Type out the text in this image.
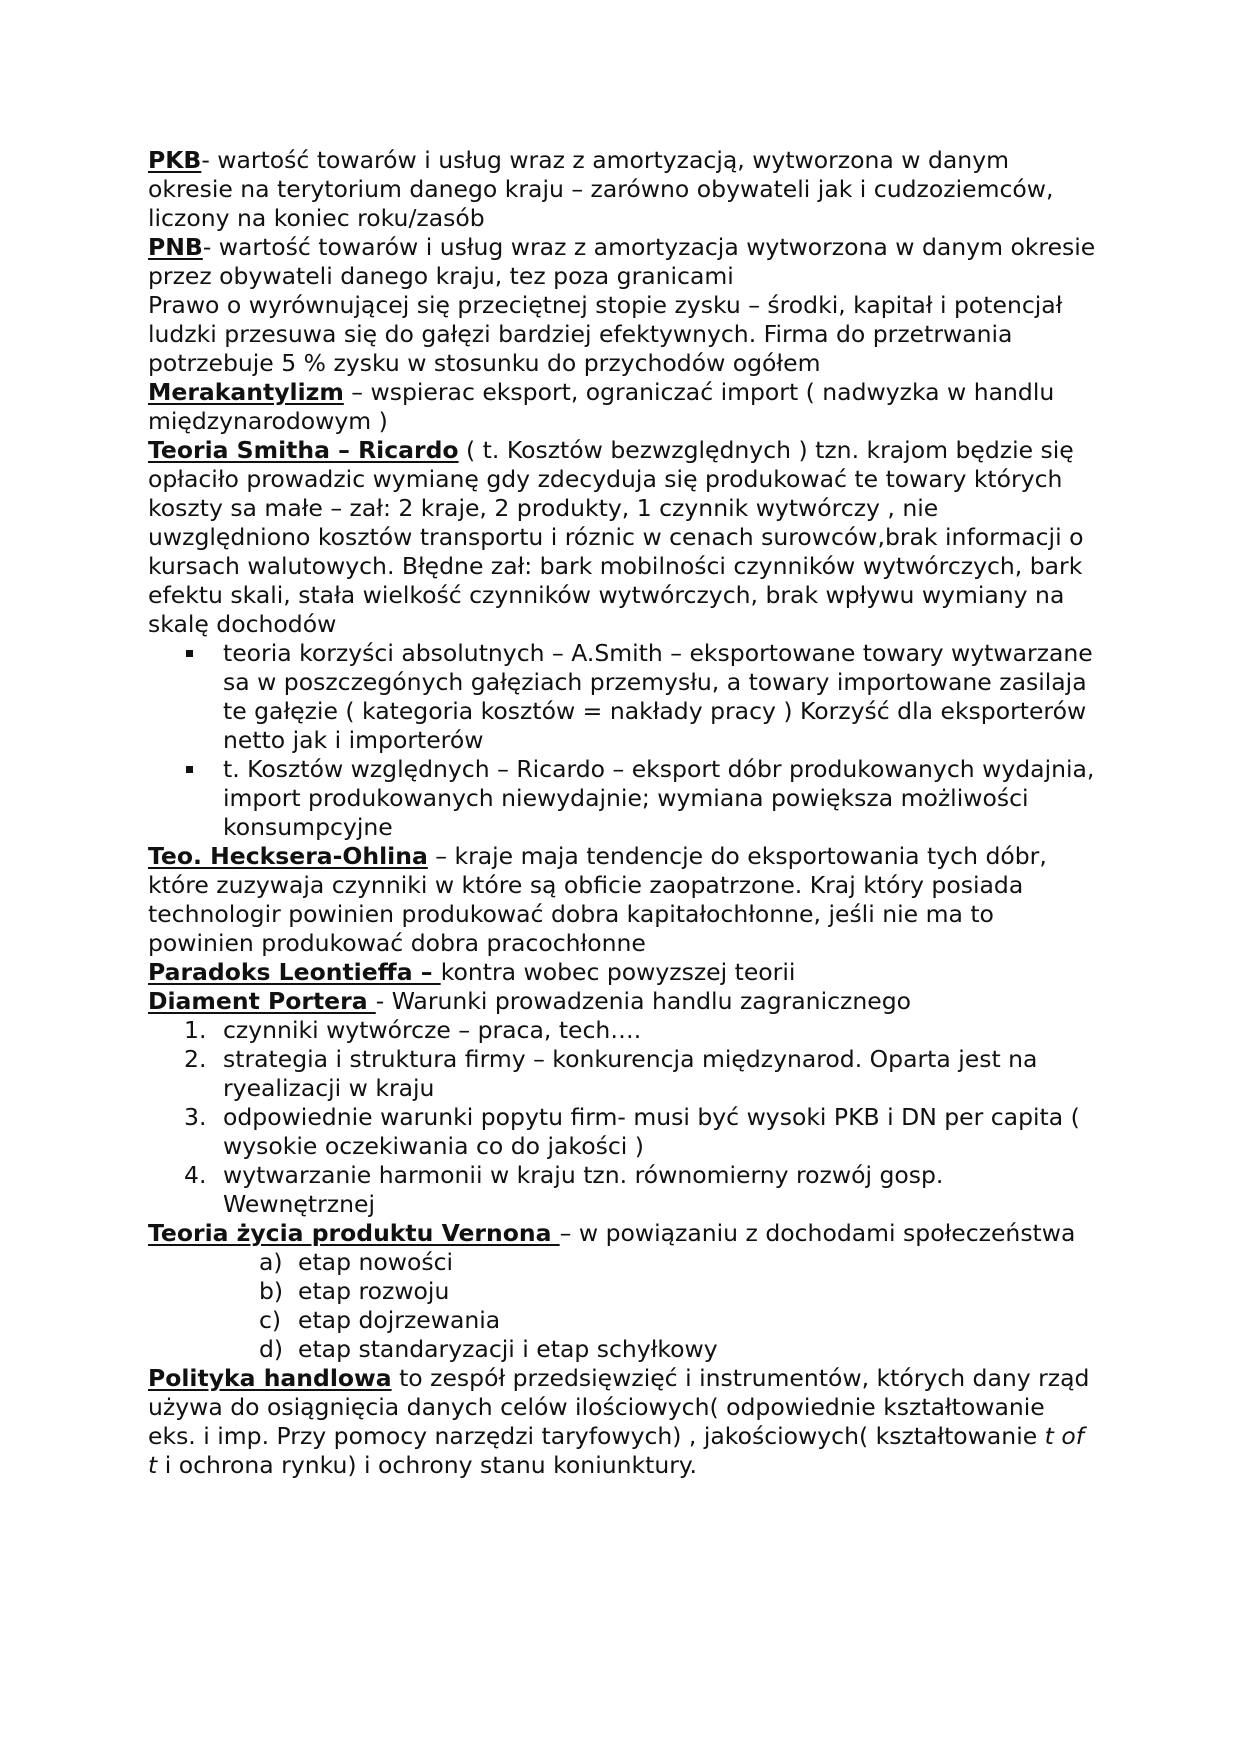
PKB- wartość towarów i usług wraz z amortyzacją, wytworzona w danym okresie na terytorium danego kraju – zarówno obywateli jak i cudzoziemców, liczony na koniec roku/zasób

PNB- wartość towarów i usług wraz z amortyzacja wytworzona w danym okresie przez obywateli danego kraju, tez poza granicami

Prawo o wyrównującej się przeciętnej stopie zysku – środki, kapitał i potencjał ludzki przesuwa się do gałęzi bardziej efektywnych. Firma do przetrwania potrzebuje 5 % zysku w stosunku do przychodów ogółem

Merakantylizm – wspierac eksport, ograniczać import ( nadwyzka w handlu międzynarodowym )

Teoria Smitha – Ricardo ( t. Kosztów bezwzględnych ) tzn. krajom będzie się opłaciło prowadzic wymianę gdy zdecyduja się produkować te towary których koszty sa małe – zał: 2 kraje, 2 produkty, 1 czynnik wytwórczy , nie uwzględniono kosztów transportu i róznic w cenach surowców,brak informacji o kursach walutowych. Błędne zał: bark mobilności czynników wytwórczych, bark efektu skali, stała wielkość czynników wytwórczych, brak wpływu wymiany na skalę dochodów

teoria korzyści absolutnych – A.Smith – eksportowane towary wytwarzane sa w poszczegónych gałęziach przemysłu, a towary importowane zasilaja te gałęzie ( kategoria kosztów = nakłady pracy ) Korzyść dla eksporterów netto jak i importerów
t. Kosztów względnych – Ricardo – eksport dóbr produkowanych wydajnia, import produkowanych niewydajnie; wymiana powiększa możliwości konsumpcyjne

Teo. Hecksera-Ohlina – kraje maja tendencje do eksportowania tych dóbr, które zuzywaja czynniki w które są obficie zaopatrzone. Kraj który posiada technologir powinien produkować dobra kapitałochłonne, jeśli nie ma to powinien produkować dobra pracochłonne

Paradoks Leontieffa – kontra wobec powyzszej teorii

Diament Portera - Warunki prowadzenia handlu zagranicznego

1. czynniki wytwórcze – praca, tech….
2. strategia i struktura firmy – konkurencja międzynarod. Oparta jest na ryealizacji w kraju
3. odpowiednie warunki popytu firm- musi być wysoki PKB i DN per capita ( wysokie oczekiwania co do jakości )
4. wytwarzanie harmonii w kraju tzn. równomierny rozwój gosp. Wewnętrznej

Teoria życia produktu Vernona – w powiązaniu z dochodami społeczeństwa

a) etap nowości
b) etap rozwoju
c) etap dojrzewania
d) etap standaryzacji i etap schyłkowy

Polityka handlowa to zespół przedsięwzięć i instrumentów, których dany rząd używa do osiągnięcia danych celów ilościowych( odpowiednie kształtowanie eks. i imp. Przy pomocy narzędzi taryfowych) , jakościowych( kształtowanie t of t i ochrona rynku) i ochrony stanu koniunktury.
